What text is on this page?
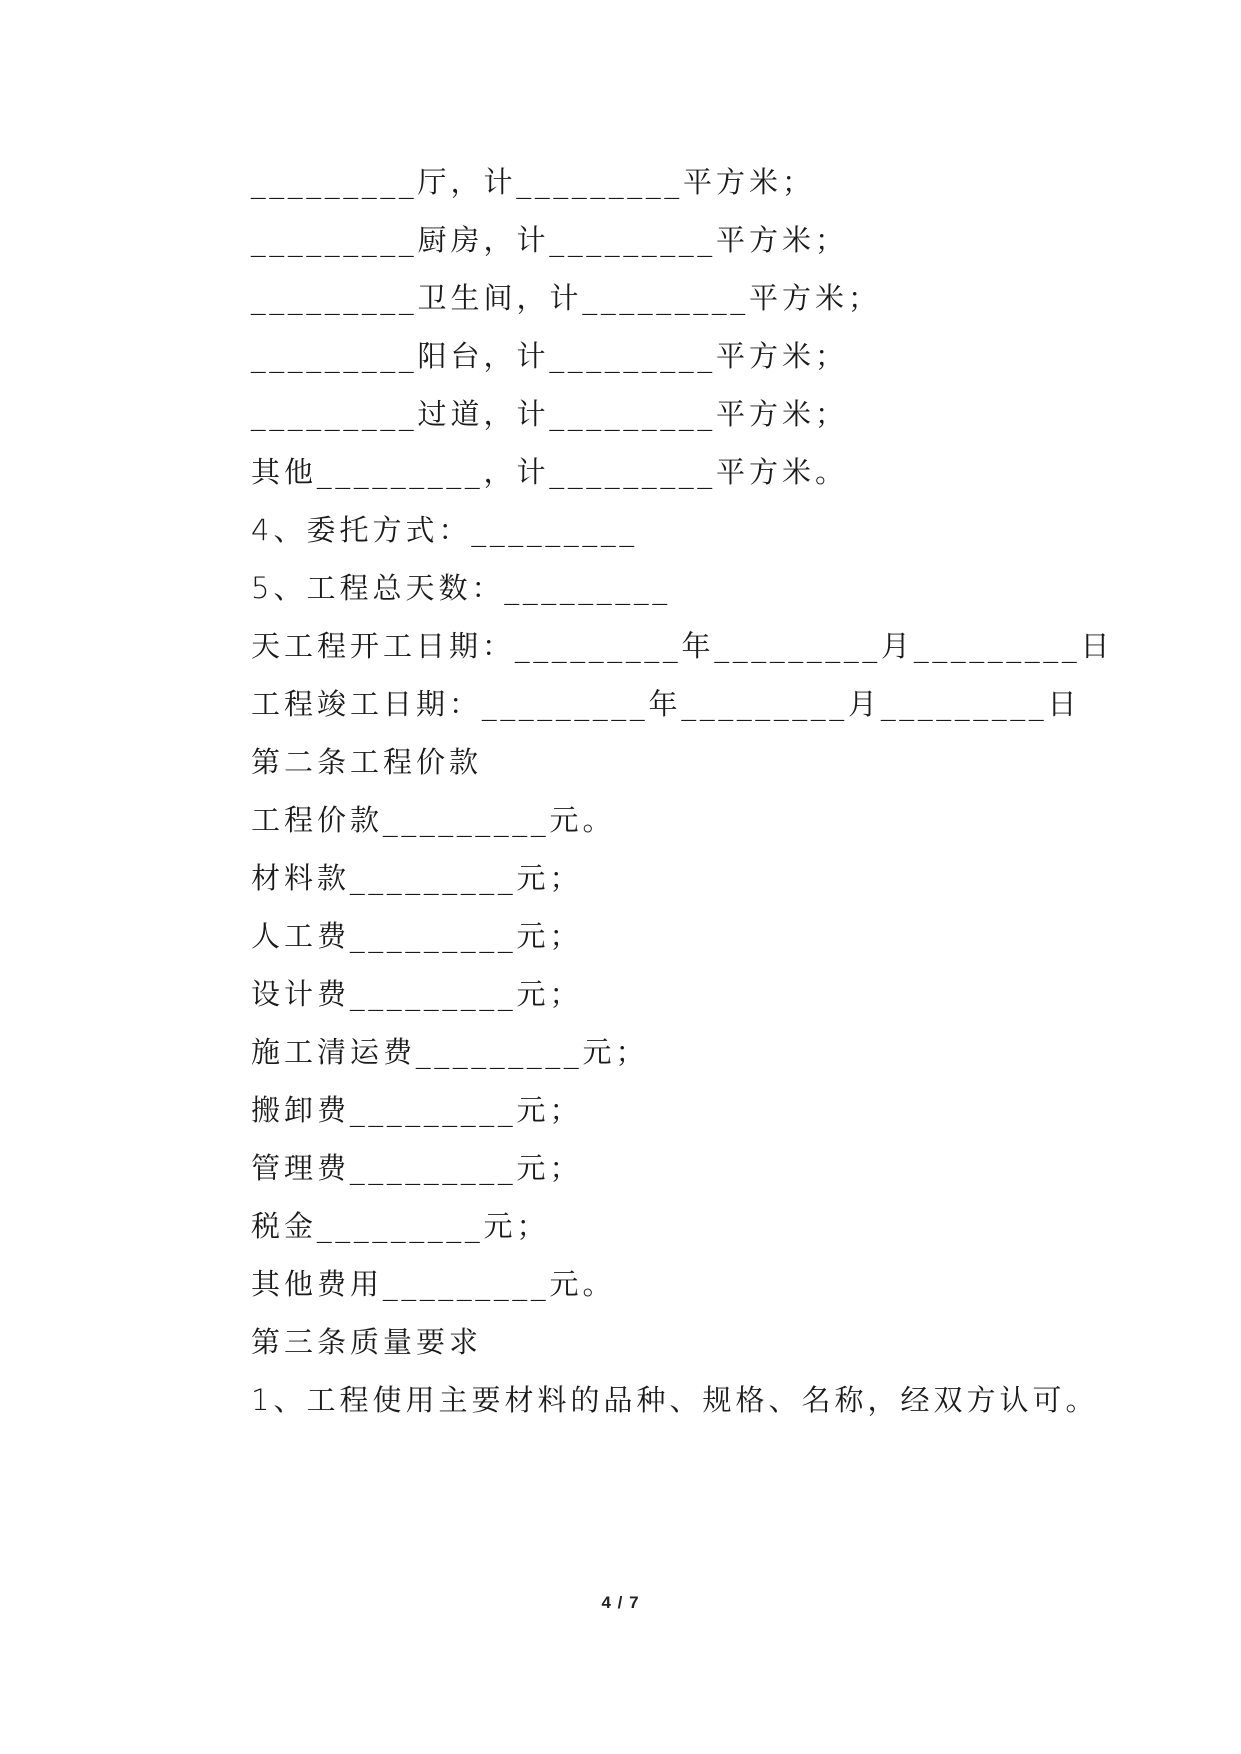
_________厅，计_________平方米；
_________厨房，计_________平方米；
_________卫生间，计_________平方米；
_________阳台，计_________平方米；
_________过道，计_________平方米；
其他_________，计_________平方米。
4、委托方式：_________
5、工程总天数：_________
天工程开工日期：_________年_________月_________日
工程竣工日期：_________年_________月_________日
第二条工程价款
工程价款_________元。
材料款_________元；
人工费_________元；
设计费_________元；
施工清运费_________元；
搬卸费_________元；
管理费_________元；
税金_________元；
其他费用_________元。
第三条质量要求
1、工程使用主要材料的品种、规格、名称，经双方认可。
4 / 7
